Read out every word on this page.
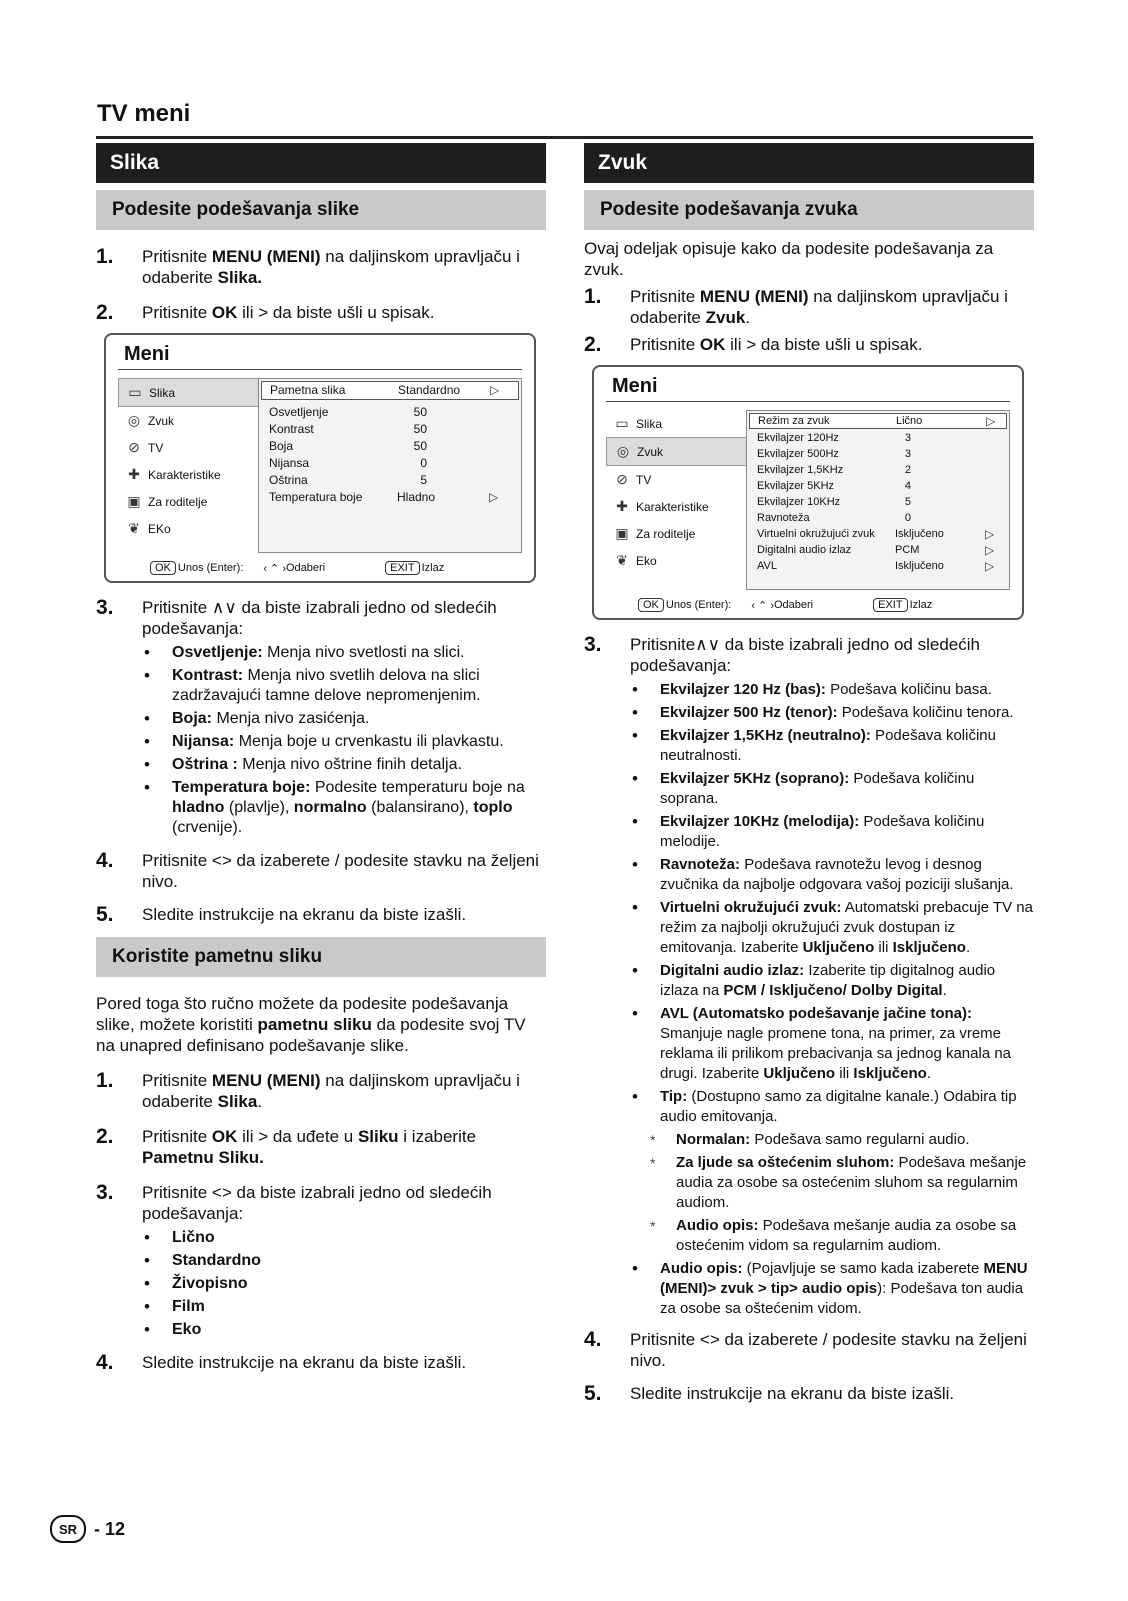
TV meni
Slika
Podesite podešavanja slike
1.	Pritisnite MENU (MENI) na daljinskom upravljaču i odaberite Slika.
2.	Pritisnite OK ili > da biste ušli u spisak.
Meni
▭ Slika
◎ Zvuk
⊘ TV
✚ Karakteristike
▣ Za roditelje
❦ EKo
Pametna slika	Standardno	▷
Osvetljenje	50
Kontrast	50
Boja	50
Nijansa	0
Oštrina	5
Temperatura boje	Hladno	▷
OK Unos (Enter): ‹ ⌃ › Odaberi	EXIT Izlaz
3.	Pritisnite ∧∨ da biste izabrali jedno od sledećih podešavanja:
• Osvetljenje: Menja nivo svetlosti na slici.
• Kontrast: Menja nivo svetlih delova na slici zadržavajući tamne delove nepromenjenim.
• Boja: Menja nivo zasićenja.
• Nijansa: Menja boje u crvenkastu ili plavkastu.
• Oštrina : Menja nivo oštrine finih detalja.
• Temperatura boje: Podesite temperaturu boje na hladno (plavlje), normalno (balansirano), toplo (crvenije).
4.	Pritisnite <> da izaberete / podesite stavku na željeni nivo.
5.	Sledite instrukcije na ekranu da biste izašli.
Koristite pametnu sliku
Pored toga što ručno možete da podesite podešavanja slike, možete koristiti pametnu sliku da podesite svoj TV na unapred definisano podešavanje slike.
1.	Pritisnite MENU (MENI) na daljinskom upravljaču i odaberite Slika.
2.	Pritisnite OK ili > da uđete u Sliku i izaberite Pametnu Sliku.
3.	Pritisnite <> da biste izabrali jedno od sledećih podešavanja:
• Lično
• Standardno
• Živopisno
• Film
• Eko
4.	Sledite instrukcije na ekranu da biste izašli.
Zvuk
Podesite podešavanja zvuka
Ovaj odeljak opisuje kako da podesite podešavanja za zvuk.
1.	Pritisnite MENU (MENI) na daljinskom upravljaču i odaberite Zvuk.
2.	Pritisnite OK ili > da biste ušli u spisak.
Meni
▭ Slika
◎ Zvuk
⊘ TV
✚ Karakteristike
▣ Za roditelje
❦ Eko
Režim za zvuk	Lično	▷
Ekvilajzer 120Hz	3
Ekvilajzer 500Hz	3
Ekvilajzer 1,5KHz	2
Ekvilajzer 5KHz	4
Ekvilajzer 10KHz	5
Ravnoteža	0
Virtuelni okružujući zvuk	Isključeno	▷
Digitalni audio izlaz	PCM	▷
AVL	Isključeno	▷
OK Unos (Enter): ‹ ⌃ › Odaberi	EXIT Izlaz
3.	Pritisnite∧∨ da biste izabrali jedno od sledećih podešavanja:
• Ekvilajzer 120 Hz (bas): Podešava količinu basa.
• Ekvilajzer 500 Hz (tenor): Podešava količinu tenora.
• Ekvilajzer 1,5KHz (neutralno): Podešava količinu neutralnosti.
• Ekvilajzer 5KHz (soprano): Podešava količinu soprana.
• Ekvilajzer 10KHz (melodija): Podešava količinu melodije.
• Ravnoteža: Podešava ravnotežu levog i desnog zvučnika da najbolje odgovara vašoj poziciji slušanja.
• Virtuelni okružujući zvuk: Automatski prebacuje TV na režim za najbolji okružujući zvuk dostupan iz emitovanja. Izaberite Uključeno ili Isključeno.
• Digitalni audio izlaz: Izaberite tip digitalnog audio izlaza na PCM / Isključeno/ Dolby Digital.
• AVL (Automatsko podešavanje jačine tona): Smanjuje nagle promene tona, na primer, za vreme reklama ili prilikom prebacivanja sa jednog kanala na drugi. Izaberite Uključeno ili Isključeno.
• Tip: (Dostupno samo za digitalne kanale.) Odabira tip audio emitovanja.
* Normalan: Podešava samo regularni audio.
* Za ljude sa oštećenim sluhom: Podešava mešanje audia za osobe sa ostećenim sluhom sa regularnim audiom.
* Audio opis: Podešava mešanje audia za osobe sa ostećenim vidom sa regularnim audiom.
• Audio opis: (Pojavljuje se samo kada izaberete MENU (MENI)> zvuk > tip> audio opis): Podešava ton audia za osobe sa oštećenim vidom.
4.	Pritisnite <> da izaberete / podesite stavku na željeni nivo.
5.	Sledite instrukcije na ekranu da biste izašli.
SR - 12
